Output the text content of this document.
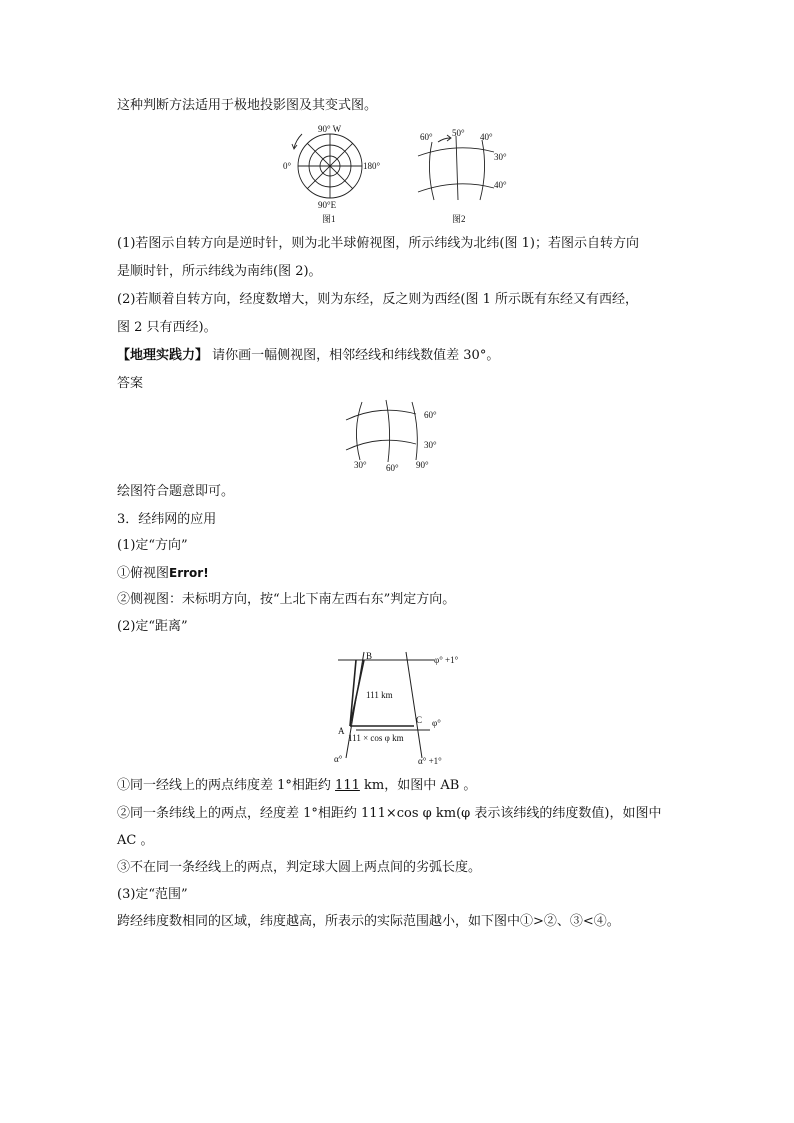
这种判断方法适用于极地投影图及其变式图。
90° W
0°	180°
90°E
图1
60° 50° 40°
30°
40°
图2
(1)若图示自转方向是逆时针，则为北半球俯视图，所示纬线为北纬(图 1)；若图示自转方向
是顺时针，所示纬线为南纬(图 2)。
(2)若顺着自转方向，经度数增大，则为东经，反之则为西经(图 1 所示既有东经又有西经，
图 2 只有西经)。
【地理实践力】 请你画一幅侧视图，相邻经线和纬线数值差 30°。
答案
60°
30°
30° 60° 90°
绘图符合题意即可。
3．经纬网的应用
(1)定“方向”
①俯视图Error!
②侧视图：未标明方向，按“上北下南左西右东”判定方向。
(2)定“距离”
B
C
A
φ° +1°
φ°
111 km
111 × cos φ km
α°	α° +1°
①同一经线上的两点纬度差 1°相距约 111 km，如图中 AB 。
②同一条纬线上的两点，经度差 1°相距约 111×cos φ km(φ 表示该纬线的纬度数值)，如图中
AC 。
③不在同一条经线上的两点，判定球大圆上两点间的劣弧长度。
(3)定“范围”
跨经纬度数相同的区域，纬度越高，所表示的实际范围越小，如下图中①>②、③<④。
